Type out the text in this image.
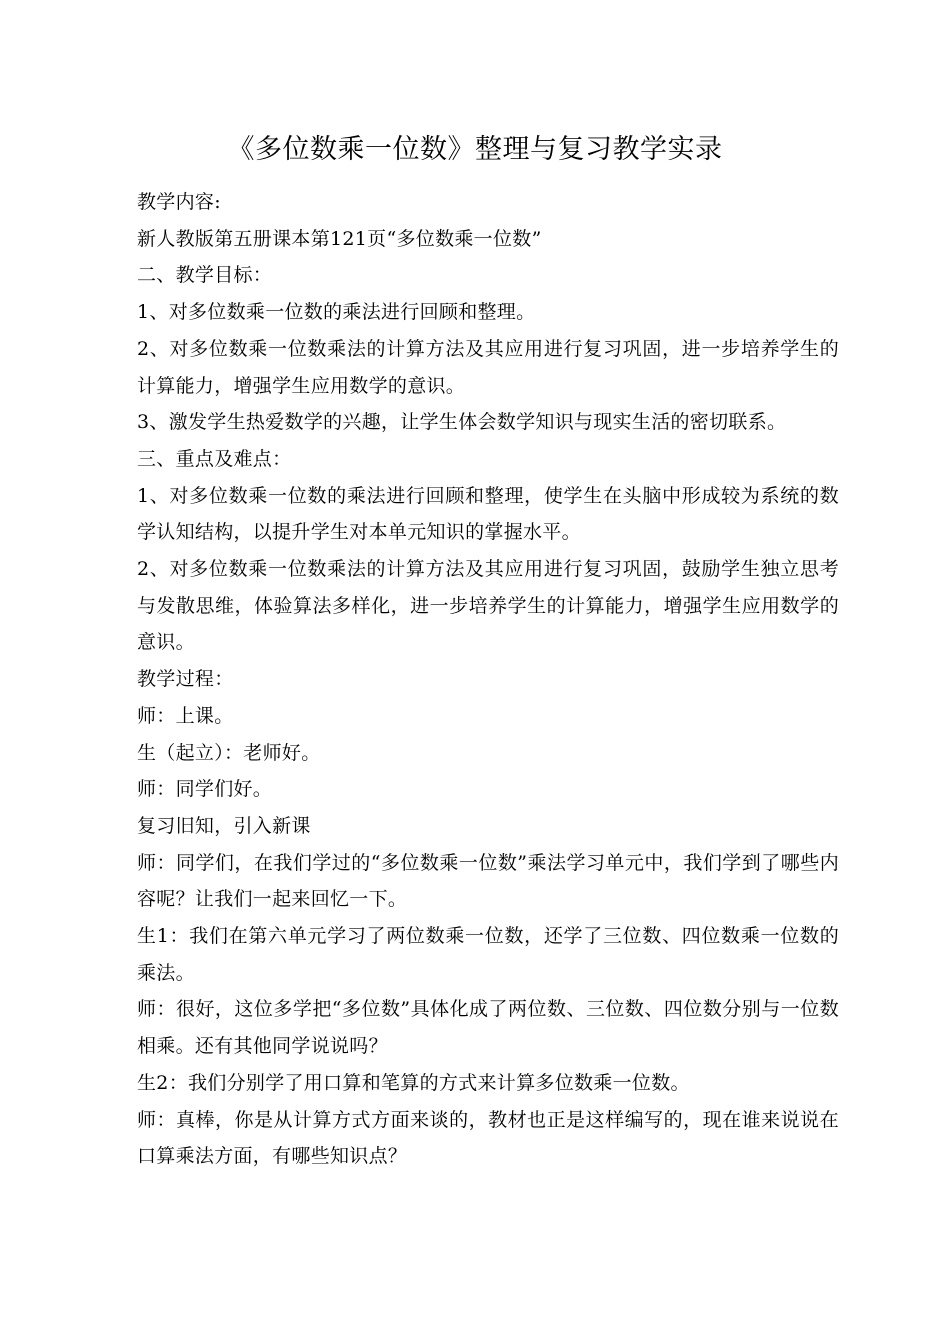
《多位数乘一位数》整理与复习教学实录

教学内容:

新人教版第五册课本第121页“多位数乘一位数”

二、教学目标：

1、对多位数乘一位数的乘法进行回顾和整理。

2、对多位数乘一位数乘法的计算方法及其应用进行复习巩固，进一步培养学生的计算能力，增强学生应用数学的意识。

3、激发学生热爱数学的兴趣，让学生体会数学知识与现实生活的密切联系。

三、重点及难点：

1、对多位数乘一位数的乘法进行回顾和整理，使学生在头脑中形成较为系统的数学认知结构，以提升学生对本单元知识的掌握水平。

2、对多位数乘一位数乘法的计算方法及其应用进行复习巩固，鼓励学生独立思考与发散思维，体验算法多样化，进一步培养学生的计算能力，增强学生应用数学的意识。

教学过程：

师：上课。

生（起立）：老师好。

师：同学们好。

复习旧知，引入新课

师：同学们，在我们学过的“多位数乘一位数”乘法学习单元中，我们学到了哪些内容呢？让我们一起来回忆一下。

生1：我们在第六单元学习了两位数乘一位数，还学了三位数、四位数乘一位数的乘法。

师：很好，这位多学把“多位数”具体化成了两位数、三位数、四位数分别与一位数相乘。还有其他同学说说吗？

生2：我们分别学了用口算和笔算的方式来计算多位数乘一位数。

师：真棒，你是从计算方式方面来谈的，教材也正是这样编写的，现在谁来说说在口算乘法方面，有哪些知识点？
